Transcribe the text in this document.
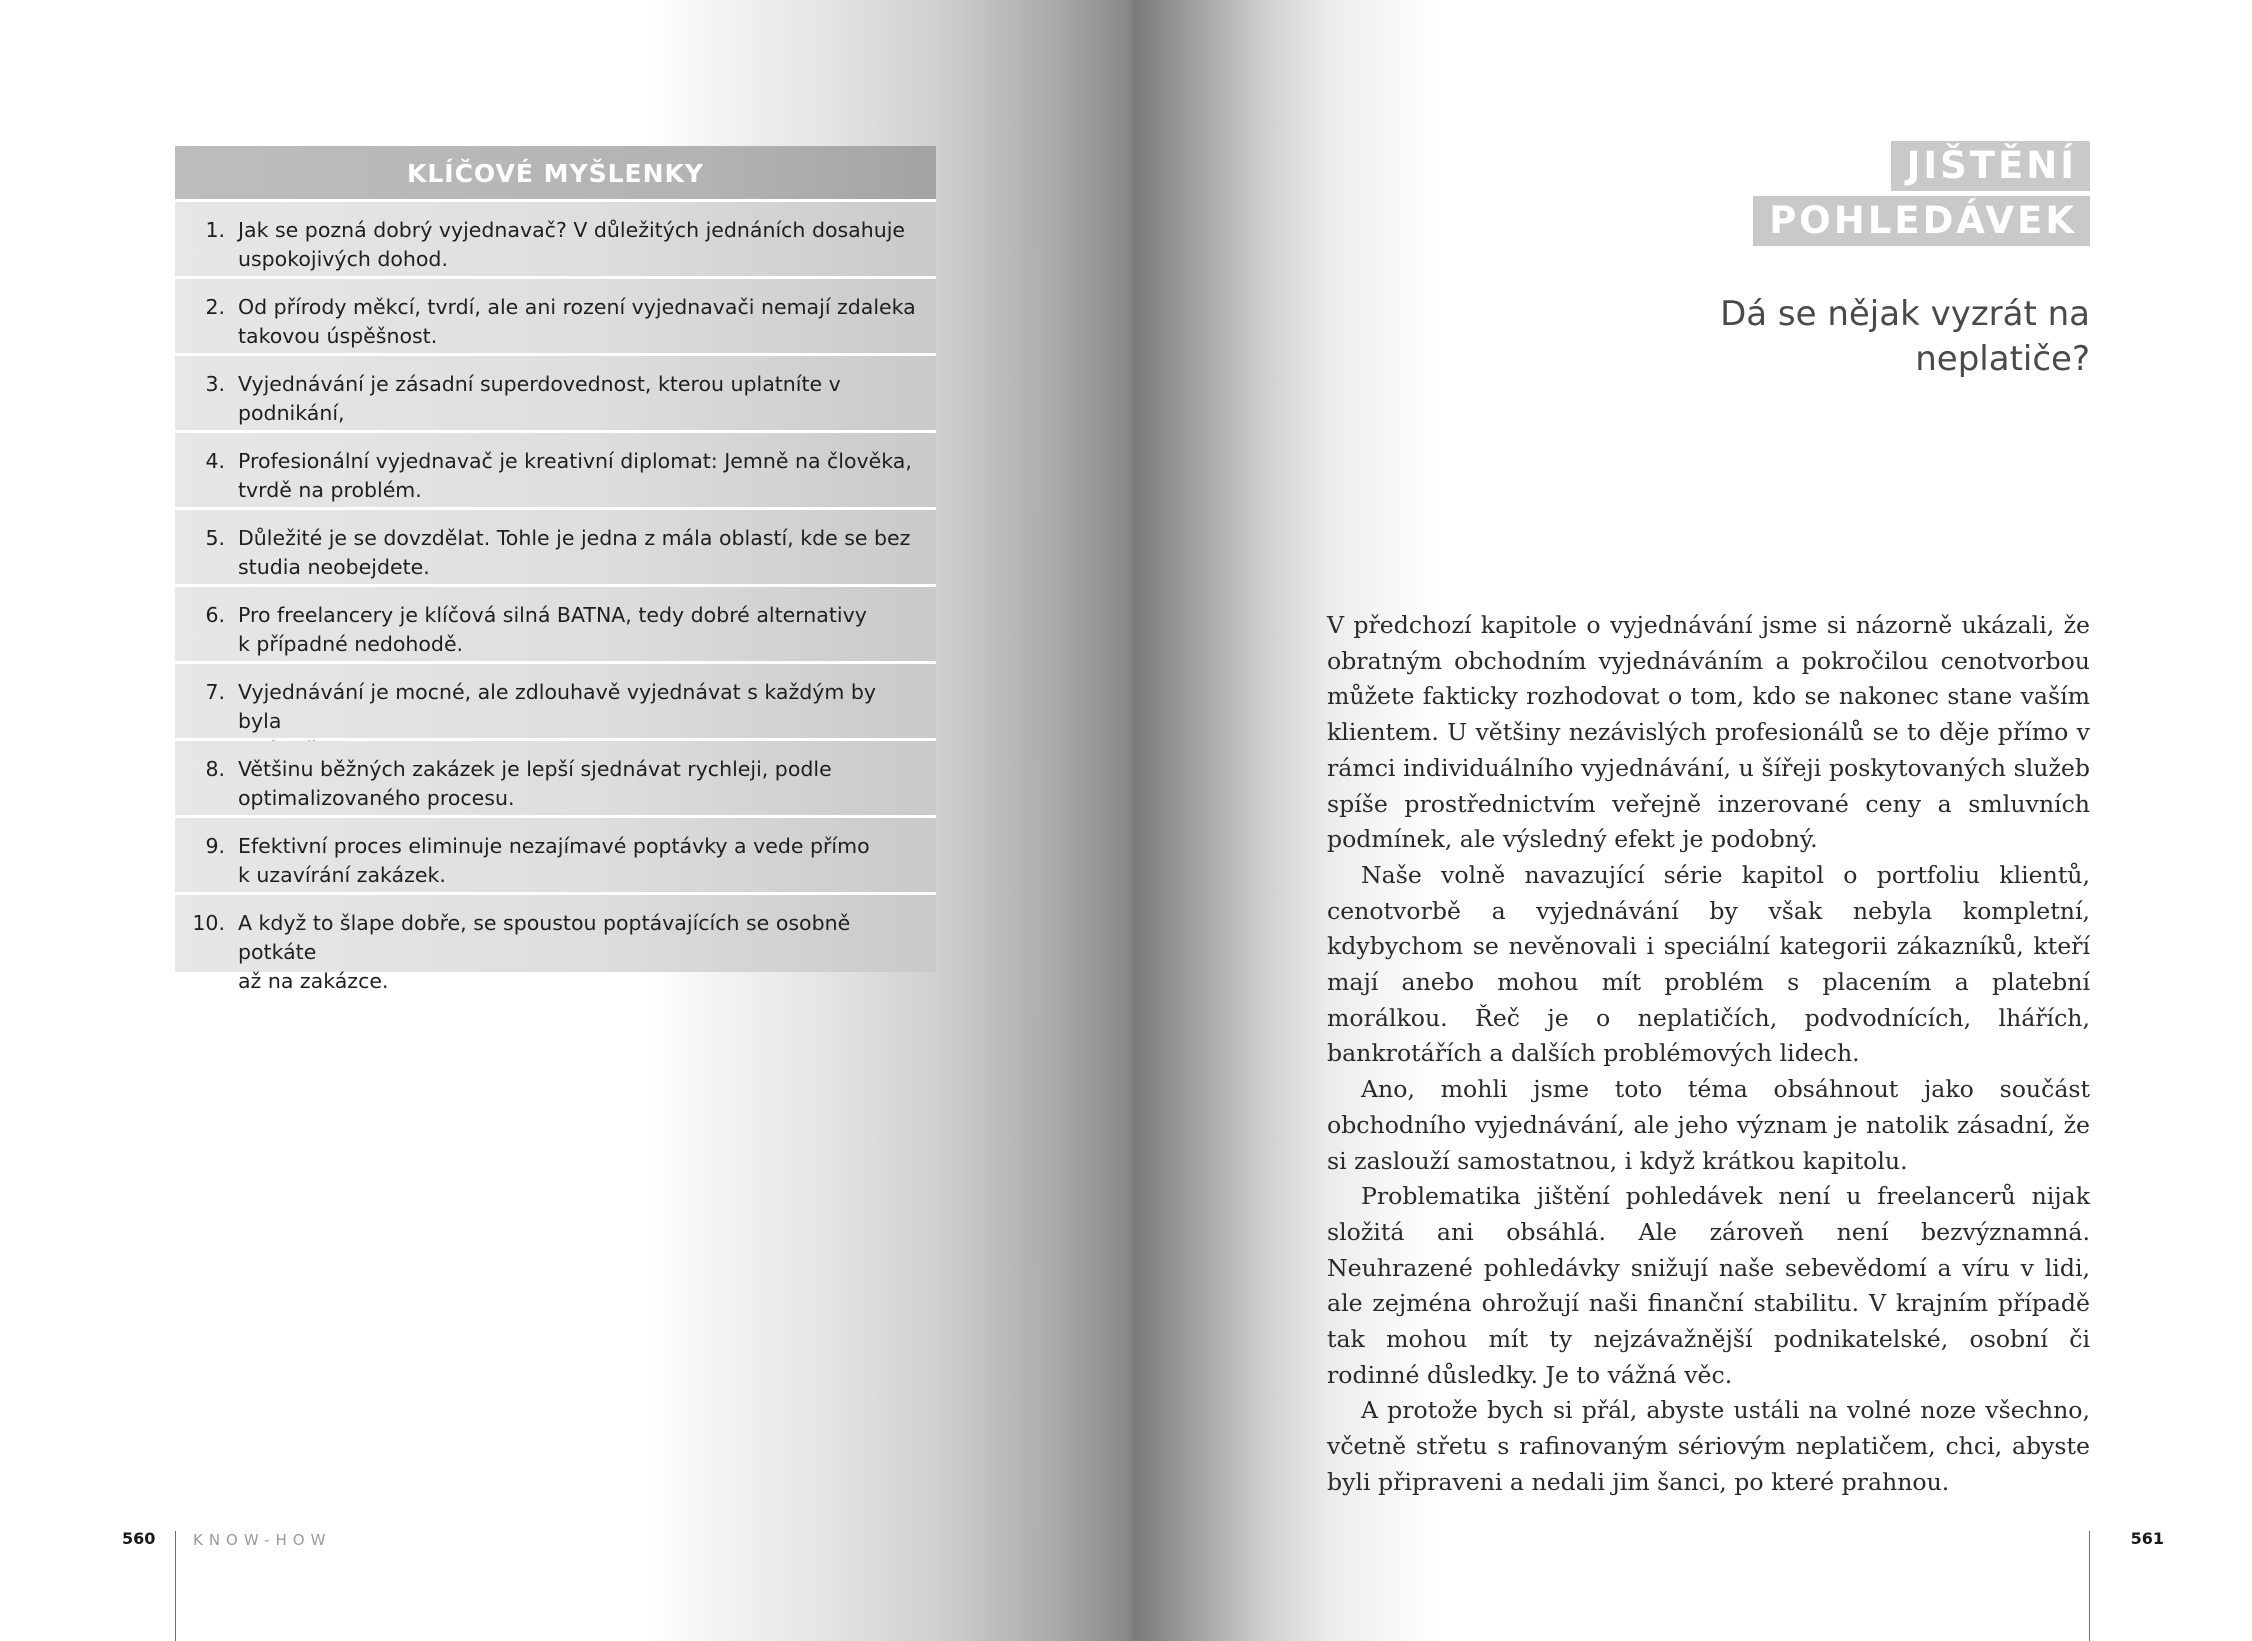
KLÍČOVÉ MYŠLENKY
1. Jak se pozná dobrý vyjednavač? V důležitých jednáních dosahuje
uspokojivých dohod.
2. Od přírody měkcí, tvrdí, ale ani rození vyjednavači nemají zdaleka
takovou úspěšnost.
3. Vyjednávání je zásadní superdovednost, kterou uplatníte v podnikání,

4. Profesionální vyjednavač je kreativní diplomat: Jemně na člověka,
tvrdě na problém.
5. Důležité je se dovzdělat. Tohle je jedna z mála oblastí, kde se bez
studia neobejdete.
6. Pro freelancery je klíčová silná BATNA, tedy dobré alternativy
k případné nedohodě.
7. Vyjednávání je mocné, ale zdlouhavě vyjednávat s každým by byla

8. Většinu běžných zakázek je lepší sjednávat rychleji, podle
optimalizovaného procesu.
9. Efektivní proces eliminuje nezajímavé poptávky a vede přímo
k uzavírání zakázek.
10. A když to šlape dobře, se spoustou poptávajících se osobně potkáte
až na zakázce.
560	KNOW-HOW
JIŠTĚNÍ
POHLEDÁVEK
Dá se nějak vyzrát na neplatiče?

V předchozí kapitole o vyjednávání jsme si názorně ukázali, že obratným obchodním vyjednáváním a pokročilou cenotvorbou můžete fakticky rozhodovat o tom, kdo se nakonec stane vaším klientem. U většiny nezávislých profesionálů se to děje přímo v rámci individuálního vyjednávání, u šířeji poskytovaných služeb spíše prostřednictvím veřejně inzerované ceny a smluvních podmínek, ale výsledný efekt je podobný.

Naše volně navazující série kapitol o portfoliu klientů, cenotvorbě a vyjednávání by však nebyla kompletní, kdybychom se nevěnovali i speciální kategorii zákazníků, kteří mají anebo mohou mít problém s placením a platební morálkou. Řeč je o neplatičích, podvodnících, lhářích, bankrotářích a dalších problémových lidech.

Ano, mohli jsme toto téma obsáhnout jako součást obchodního vyjednávání, ale jeho význam je natolik zásadní, že si zaslouží samostatnou, i když krátkou kapitolu.

Problematika jištění pohledávek není u freelancerů nijak složitá ani obsáhlá. Ale zároveň není bezvýznamná. Neuhrazené pohledávky snižují naše sebevědomí a víru v lidi, ale zejména ohrožují naši finanční stabilitu. V krajním případě tak mohou mít ty nejzávažnější podnikatelské, osobní či rodinné důsledky. Je to vážná věc.

A protože bych si přál, abyste ustáli na volné noze všechno, včetně střetu s rafinovaným sériovým neplatičem, chci, abyste byli připraveni a nedali jim šanci, po které prahnou.

561
